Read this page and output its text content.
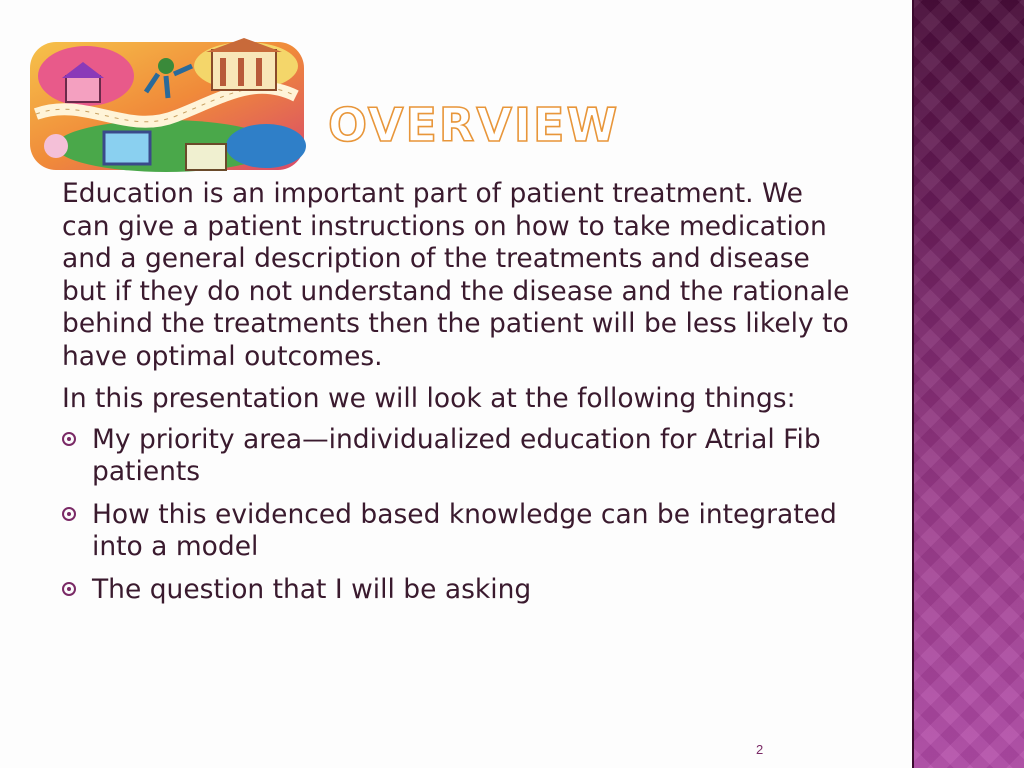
OVERVIEW

Education is an important part of patient treatment. We can give a patient instructions on how to take medication and a general description of the treatments and disease but if they do not understand the disease and the rationale behind the treatments then the patient will be less likely to have optimal outcomes.

In this presentation we will look at the following things:

My priority area—individualized education for Atrial Fib patients
How this evidenced based knowledge can be integrated into a model
The question that I will be asking
2
